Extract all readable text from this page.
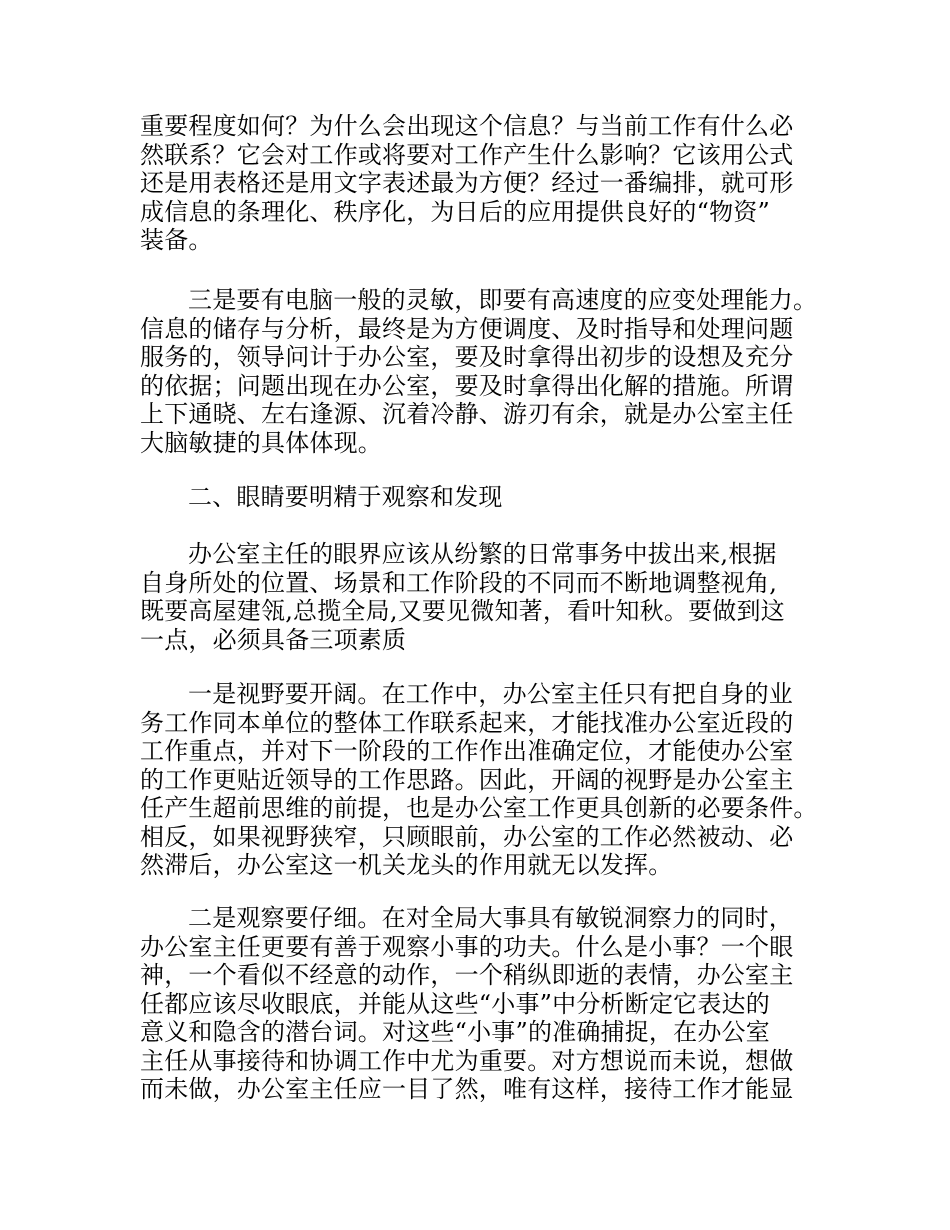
重要程度如何？为什么会出现这个信息？与当前工作有什么必
然联系？它会对工作或将要对工作产生什么影响？它该用公式
还是用表格还是用文字表述最为方便？经过一番编排，就可形
成信息的条理化、秩序化，为日后的应用提供良好的“物资”
装备。
三是要有电脑一般的灵敏，即要有高速度的应变处理能力。
信息的储存与分析，最终是为方便调度、及时指导和处理问题
服务的，领导问计于办公室，要及时拿得出初步的设想及充分
的依据；问题出现在办公室，要及时拿得出化解的措施。所谓
上下通晓、左右逢源、沉着冷静、游刃有余，就是办公室主任
大脑敏捷的具体体现。
二、眼睛要明精于观察和发现
办公室主任的眼界应该从纷繁的日常事务中拔出来,根据
自身所处的位置、场景和工作阶段的不同而不断地调整视角,
既要高屋建瓴,总揽全局,又要见微知著，看叶知秋。要做到这
一点，必须具备三项素质
一是视野要开阔。在工作中，办公室主任只有把自身的业
务工作同本单位的整体工作联系起来，才能找准办公室近段的
工作重点，并对下一阶段的工作作出准确定位，才能使办公室
的工作更贴近领导的工作思路。因此，开阔的视野是办公室主
任产生超前思维的前提，也是办公室工作更具创新的必要条件。
相反，如果视野狭窄，只顾眼前，办公室的工作必然被动、必
然滞后，办公室这一机关龙头的作用就无以发挥。
二是观察要仔细。在对全局大事具有敏锐洞察力的同时，
办公室主任更要有善于观察小事的功夫。什么是小事？一个眼
神，一个看似不经意的动作，一个稍纵即逝的表情，办公室主
任都应该尽收眼底，并能从这些“小事”中分析断定它表达的
意义和隐含的潜台词。对这些“小事”的准确捕捉，在办公室
主任从事接待和协调工作中尤为重要。对方想说而未说，想做
而未做，办公室主任应一目了然，唯有这样，接待工作才能显
